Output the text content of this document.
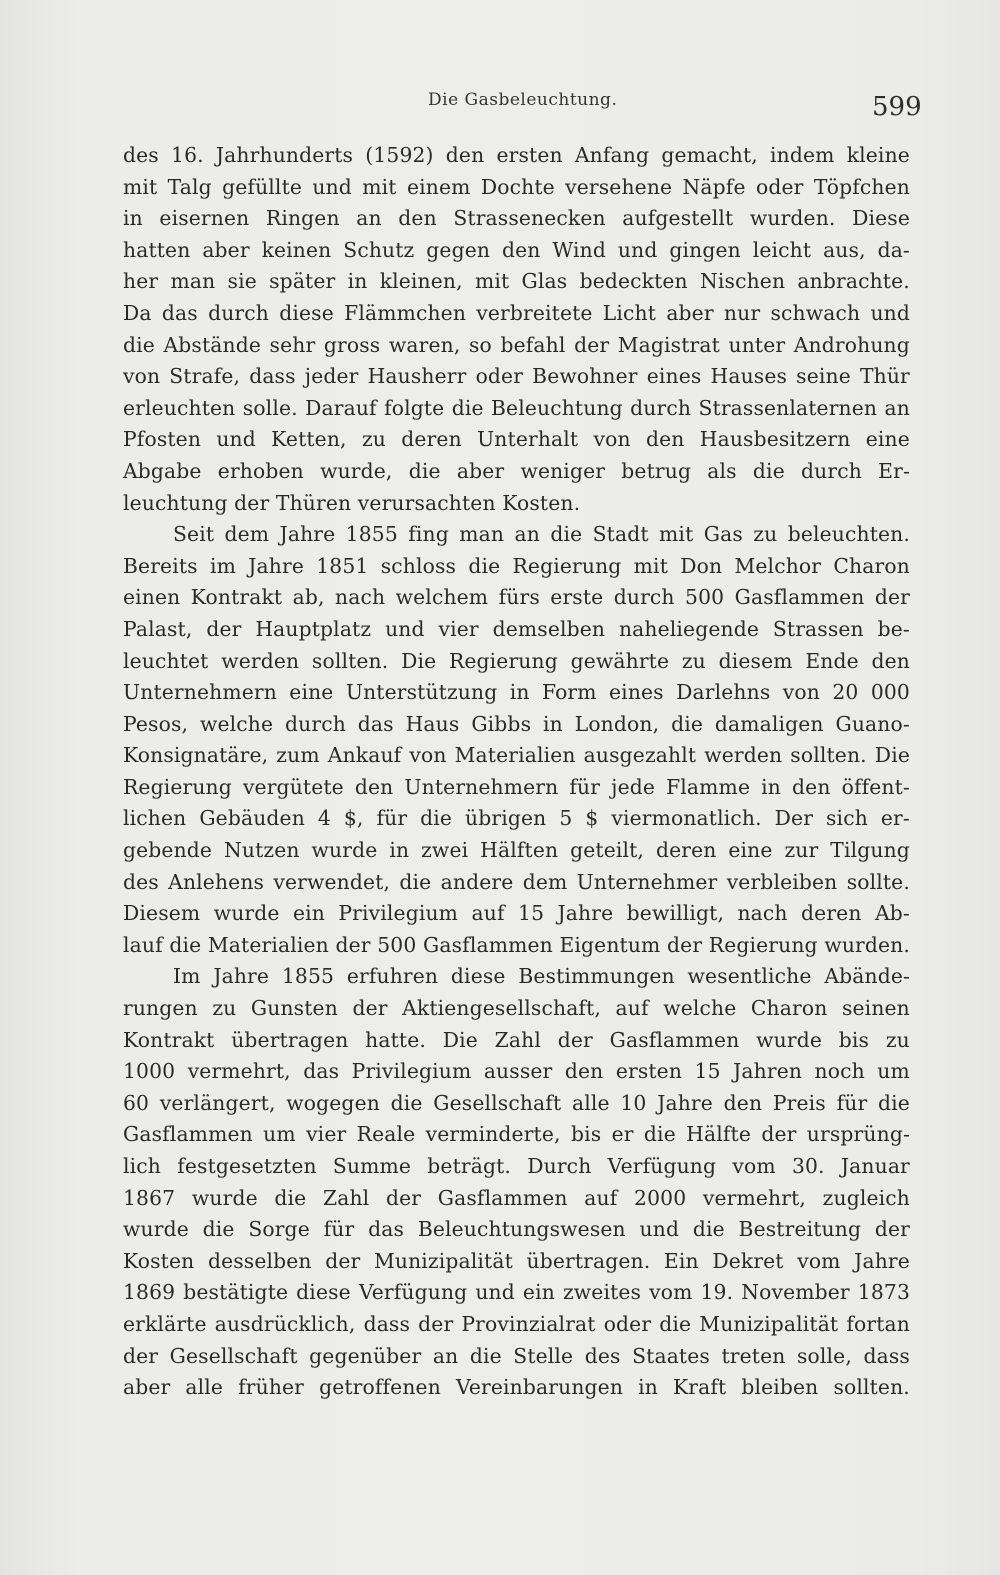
Die Gasbeleuchtung.	599
des 16. Jahrhunderts (1592) den ersten Anfang gemacht, indem kleine
mit Talg gefüllte und mit einem Dochte versehene Näpfe oder Töpfchen
in eisernen Ringen an den Strassenecken aufgestellt wurden. Diese
hatten aber keinen Schutz gegen den Wind und gingen leicht aus, da-
her man sie später in kleinen, mit Glas bedeckten Nischen anbrachte.
Da das durch diese Flämmchen verbreitete Licht aber nur schwach und
die Abstände sehr gross waren, so befahl der Magistrat unter Androhung
von Strafe, dass jeder Hausherr oder Bewohner eines Hauses seine Thür
erleuchten solle. Darauf folgte die Beleuchtung durch Strassenlaternen an
Pfosten und Ketten, zu deren Unterhalt von den Hausbesitzern eine
Abgabe erhoben wurde, die aber weniger betrug als die durch Er-
leuchtung der Thüren verursachten Kosten.
Seit dem Jahre 1855 fing man an die Stadt mit Gas zu beleuchten.
Bereits im Jahre 1851 schloss die Regierung mit Don Melchor Charon
einen Kontrakt ab, nach welchem fürs erste durch 500 Gasflammen der
Palast, der Hauptplatz und vier demselben naheliegende Strassen be-
leuchtet werden sollten. Die Regierung gewährte zu diesem Ende den
Unternehmern eine Unterstützung in Form eines Darlehns von 20 000
Pesos, welche durch das Haus Gibbs in London, die damaligen Guano-
Konsignatäre, zum Ankauf von Materialien ausgezahlt werden sollten. Die
Regierung vergütete den Unternehmern für jede Flamme in den öffent-
lichen Gebäuden 4 $, für die übrigen 5 $ viermonatlich. Der sich er-
gebende Nutzen wurde in zwei Hälften geteilt, deren eine zur Tilgung
des Anlehens verwendet, die andere dem Unternehmer verbleiben sollte.
Diesem wurde ein Privilegium auf 15 Jahre bewilligt, nach deren Ab-
lauf die Materialien der 500 Gasflammen Eigentum der Regierung wurden.
Im Jahre 1855 erfuhren diese Bestimmungen wesentliche Abände-
rungen zu Gunsten der Aktiengesellschaft, auf welche Charon seinen
Kontrakt übertragen hatte. Die Zahl der Gasflammen wurde bis zu
1000 vermehrt, das Privilegium ausser den ersten 15 Jahren noch um
60 verlängert, wogegen die Gesellschaft alle 10 Jahre den Preis für die
Gasflammen um vier Reale verminderte, bis er die Hälfte der ursprüng-
lich festgesetzten Summe beträgt. Durch Verfügung vom 30. Januar
1867 wurde die Zahl der Gasflammen auf 2000 vermehrt, zugleich
wurde die Sorge für das Beleuchtungswesen und die Bestreitung der
Kosten desselben der Munizipalität übertragen. Ein Dekret vom Jahre
1869 bestätigte diese Verfügung und ein zweites vom 19. November 1873
erklärte ausdrücklich, dass der Provinzialrat oder die Munizipalität fortan
der Gesellschaft gegenüber an die Stelle des Staates treten solle, dass
aber alle früher getroffenen Vereinbarungen in Kraft bleiben sollten.
